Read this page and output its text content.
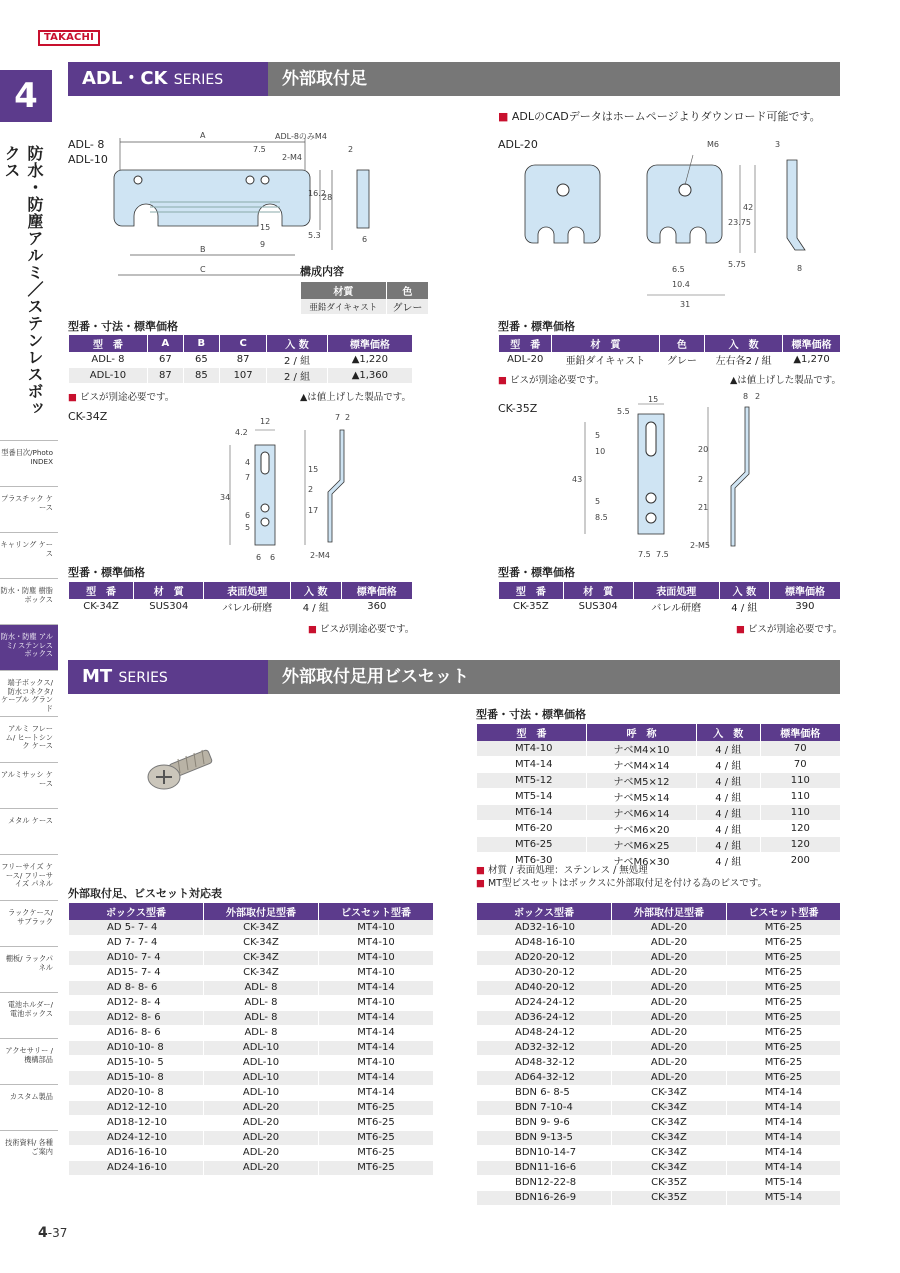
TAKACHI
4
防水・防塵アルミ／ステンレスボックス
型番目次/Photo INDEX
プラスチック ケース
キャリング ケース
防水・防塵 樹脂ボックス
防水・防塵 アルミ/ ステンレス ボックス
端子ボックス/ 防水コネクタ/ ケーブル グランド
アルミ フレーム/ ヒートシンク ケース
アルミサッシ ケース
メタル ケース
フリーサイズ ケース/ フリーサイズ パネル
ラックケース/ サブラック
棚板/ ラックパネル
電池ホルダー/ 電池ボックス
アクセサリー /機構部品
カスタム製品
技術資料/ 各種ご案内
4-37
ADL・CK SERIES	外部取付足
■ ADLのCADデータはホームページよりダウンロード可能です。
ADL- 8
ADL-10
A	ADL-8のみM4
7.5
2-M4
2
16.2
28
5.3
15
9
B
C
6
構成内容
材質	色
亜鉛ダイキャスト	グレー
型番・寸法・標準価格
型　番	A	B	C	入 数	標準価格
ADL- 8	67	65	87	2 / 組	▲1,220
ADL-10	87	85	107	2 / 組	▲1,360
■ ビスが別途必要です。	▲は値上げした製品です。
ADL-20	M6	3
23.75
42
5.75
6.5
10.4
31
8
型番・標準価格
型　番	材　質	色	入　数	標準価格
ADL-20	亜鉛ダイキャスト	グレー	左右各2 / 組	▲1,270
■ ビスが別途必要です。	▲は値上げした製品です。
CK-34Z	12
4.2
7 2
4
7
15
34
17
2
6
5
6 6	2-M4
型番・標準価格
型　番	材　質	表面処理	入 数	標準価格
CK-34Z	SUS304	バレル研磨	4 / 組	360
■ ビスが別途必要です。
CK-35Z
15	8 2
5.5
5
10
43
20
2
21
5
8.5
7.5 7.5
2-M5
型番・標準価格
型　番	材　質	表面処理	入 数	標準価格
CK-35Z	SUS304	バレル研磨	4 / 組	390
■ ビスが別途必要です。
MT SERIES	外部取付足用ビスセット
型番・寸法・標準価格
型　番	呼　称	入　数	標準価格
MT4-10	ナベM4×10	4 / 組	70
MT4-14	ナベM4×14	4 / 組	70
MT5-12	ナベM5×12	4 / 組	110
MT5-14	ナベM5×14	4 / 組	110
MT6-14	ナベM6×14	4 / 組	110
MT6-20	ナベM6×20	4 / 組	120
MT6-25	ナベM6×25	4 / 組	120
MT6-30	ナベM6×30	4 / 組	200
■ 材質 / 表面処理：ステンレス / 無処理
■ MT型ビスセットはボックスに外部取付足を付ける為のビスです。
外部取付足、ビスセット対応表
ボックス型番	外部取付足型番	ビスセット型番
AD 5- 7- 4	CK-34Z	MT4-10
AD 7- 7- 4	CK-34Z	MT4-10
AD10- 7- 4	CK-34Z	MT4-10
AD15- 7- 4	CK-34Z	MT4-10
AD 8- 8- 6	ADL- 8	MT4-14
AD12- 8- 4	ADL- 8	MT4-10
AD12- 8- 6	ADL- 8	MT4-14
AD16- 8- 6	ADL- 8	MT4-14
AD10-10- 8	ADL-10	MT4-14
AD15-10- 5	ADL-10	MT4-10
AD15-10- 8	ADL-10	MT4-14
AD20-10- 8	ADL-10	MT4-14
AD12-12-10	ADL-20	MT6-25
AD18-12-10	ADL-20	MT6-25
AD24-12-10	ADL-20	MT6-25
AD16-16-10	ADL-20	MT6-25
AD24-16-10	ADL-20	MT6-25
ボックス型番	外部取付足型番	ビスセット型番
AD32-16-10	ADL-20	MT6-25
AD48-16-10	ADL-20	MT6-25
AD20-20-12	ADL-20	MT6-25
AD30-20-12	ADL-20	MT6-25
AD40-20-12	ADL-20	MT6-25
AD24-24-12	ADL-20	MT6-25
AD36-24-12	ADL-20	MT6-25
AD48-24-12	ADL-20	MT6-25
AD32-32-12	ADL-20	MT6-25
AD48-32-12	ADL-20	MT6-25
AD64-32-12	ADL-20	MT6-25
BDN 6- 8-5	CK-34Z	MT4-14
BDN 7-10-4	CK-34Z	MT4-14
BDN 9- 9-6	CK-34Z	MT4-14
BDN 9-13-5	CK-34Z	MT4-14
BDN10-14-7	CK-34Z	MT4-14
BDN11-16-6	CK-34Z	MT4-14
BDN12-22-8	CK-35Z	MT5-14
BDN16-26-9	CK-35Z	MT5-14
